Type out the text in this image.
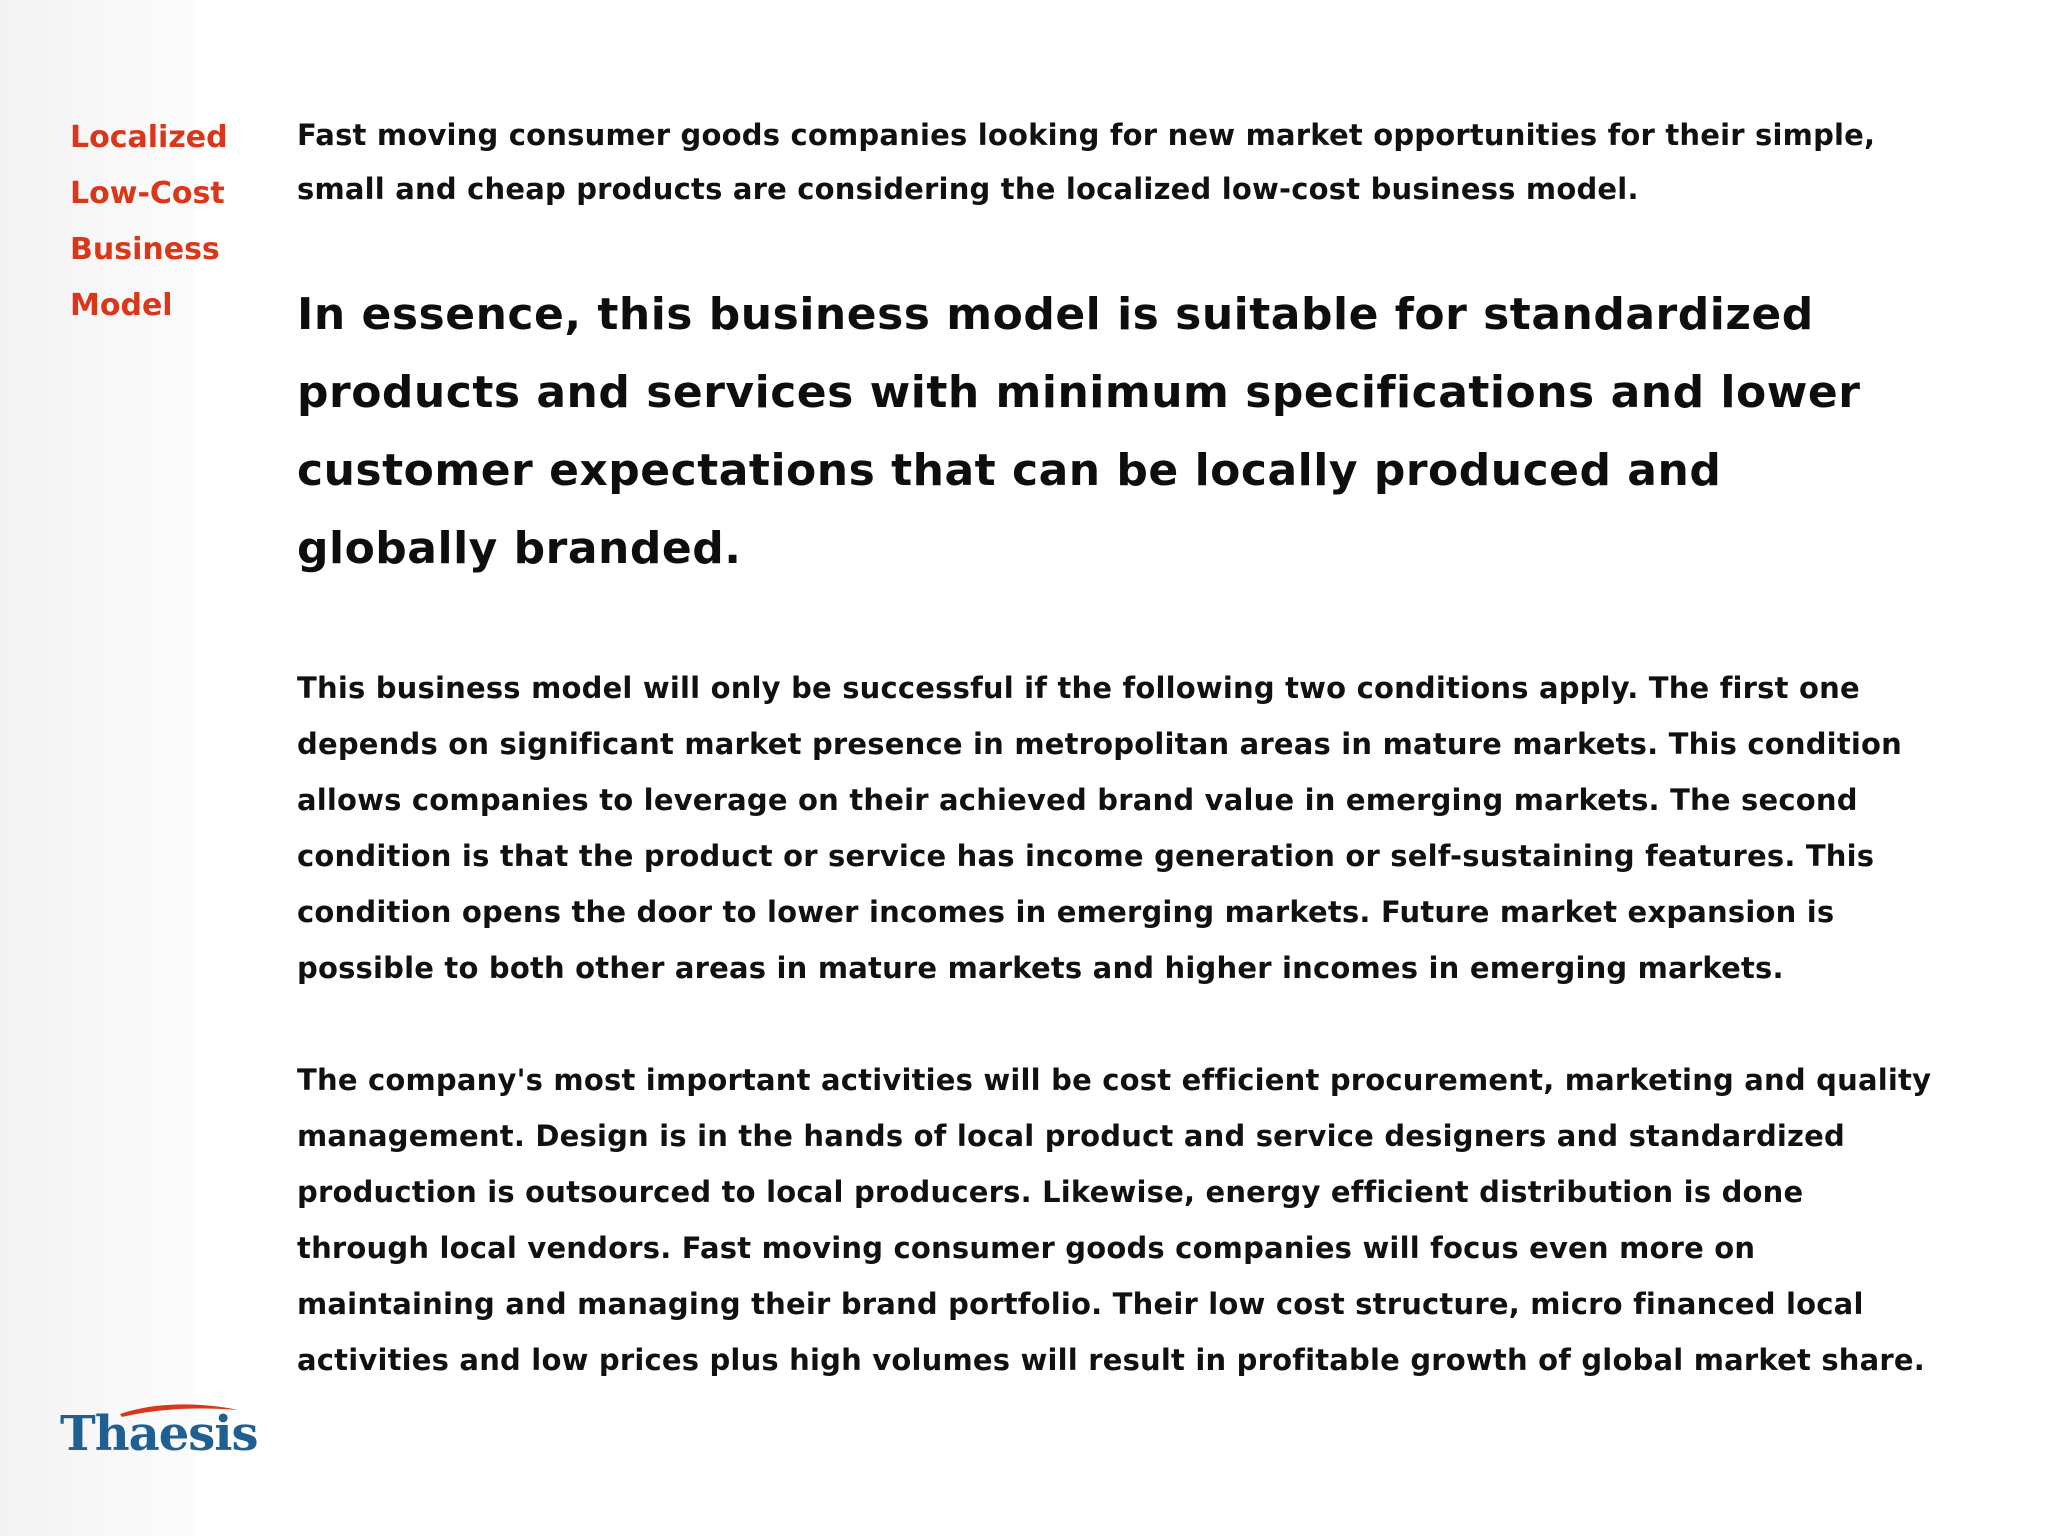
Localized
Low-Cost
Business
Model

Fast moving consumer goods companies looking for new market opportunities for their simple, small and cheap products are considering the localized low-cost business model.

In essence, this business model is suitable for standardized products and services with minimum specifications and lower customer expectations that can be locally produced and globally branded.

This business model will only be successful if the following two conditions apply. The first one depends on significant market presence in metropolitan areas in mature markets. This condition allows companies to leverage on their achieved brand value in emerging markets. The second condition is that the product or service has income generation or self-sustaining features. This condition opens the door to lower incomes in emerging markets. Future market expansion is possible to both other areas in mature markets and higher incomes in emerging markets.

The company's most important activities will be cost efficient procurement, marketing and quality management. Design is in the hands of local product and service designers and standardized production is outsourced to local producers. Likewise, energy efficient distribution is done through local vendors. Fast moving consumer goods companies will focus even more on maintaining and managing their brand portfolio. Their low cost structure, micro financed local activities and low prices plus high volumes will result in profitable growth of global market share.

Thaesis
